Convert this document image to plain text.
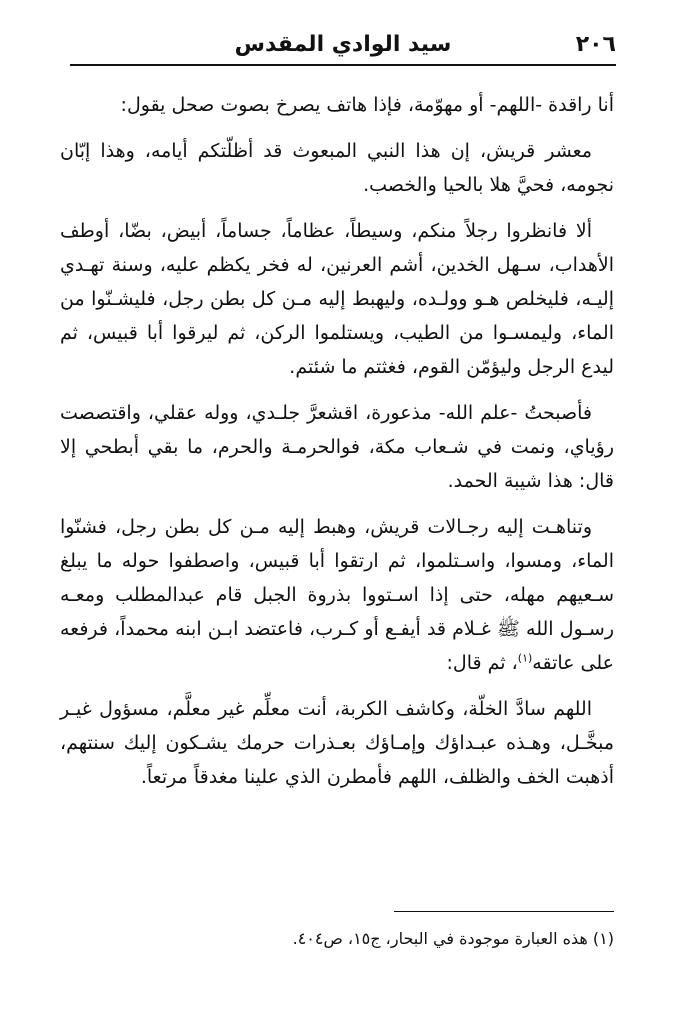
٢٠٦
سيد الوادي المقدس

أنا راقدة -اللهم- أو مهوّمة، فإذا هاتف يصرخ بصوت صحل يقول:

معشر قريش، إن هذا النبي المبعوث قد أظلّتكم أيامه، وهذا إبّان نجومه، فحيَّ هلا بالحيا والخصب.

ألا فانظروا رجلاً منكم، وسيطاً، عظاماً، جساماً، أبيض، بضّا، أوطف الأهداب، سـهل الخدين، أشم العرنين، له فخر يكظم عليه، وسنة تهـدي إليـه، فليخلص هـو وولـده، وليهبط إليه مـن كل بطن رجل، فليشـنّوا من الماء، وليمسـوا من الطيب، ويستلموا الركن، ثم ليرقوا أبا قبيس، ثم ليدع الرجل وليؤمّن القوم، فغثتم ما شئتم.

فأصبحتُ -علم الله- مذعورة، اقشعرَّ جلـدي، ووله عقلي، واقتصصت رؤياي، ونمت في شـعاب مكة، فوالحرمـة والحرم، ما بقي أبطحي إلا قال: هذا شيبة الحمد.

وتناهـت إليه رجـالات قريش، وهبط إليه مـن كل بطن رجل، فشنّوا الماء، ومسوا، واسـتلموا، ثم ارتقوا أبا قبيس، واصطفوا حوله ما يبلغ سـعيهم مهله، حتى إذا اسـتووا بذروة الجبل قام عبدالمطلب ومعـه رسـول الله ﷺ غـلام قد أيفـع أو كـرب، فاعتضد ابـن ابنه محمداً، فرفعه على عاتقه$^{(١)}$، ثم قال:

اللهم سادَّ الخلّة، وكاشف الكربة، أنت معلِّم غير معلَّم، مسؤول غيـر مبخَّـل، وهـذه عبـداؤك وإمـاؤك بعـذرات حرمك يشـكون إليك سنتهم، أذهبت الخف والظلف، اللهم فأمطرن الذي علينا مغدقاً مرتعاً.

(١) هذه العبارة موجودة في البحار، ج١٥، ص٤٠٤.
